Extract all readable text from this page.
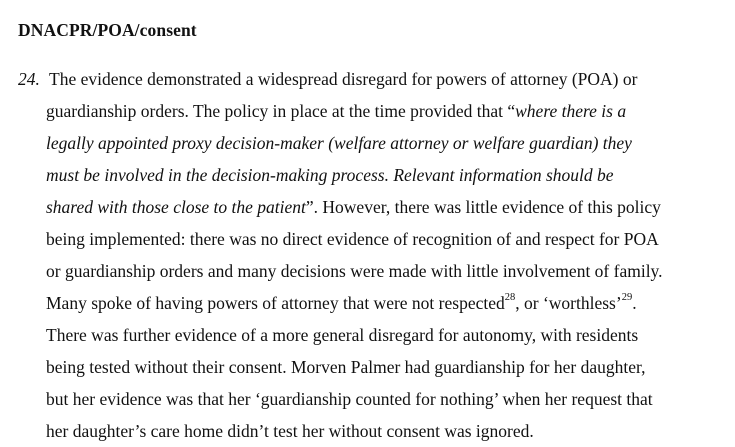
DNACPR/POA/consent
24. The evidence demonstrated a widespread disregard for powers of attorney (POA) or
guardianship orders. The policy in place at the time provided that “where there is a
legally appointed proxy decision-maker (welfare attorney or welfare guardian) they
must be involved in the decision-making process. Relevant information should be
shared with those close to the patient”. However, there was little evidence of this policy
being implemented: there was no direct evidence of recognition of and respect for POA
or guardianship orders and many decisions were made with little involvement of family.
Many spoke of having powers of attorney that were not respected$^{28}$, or ‘worthless’$^{29}$.
There was further evidence of a more general disregard for autonomy, with residents
being tested without their consent. Morven Palmer had guardianship for her daughter,
but her evidence was that her ‘guardianship counted for nothing’ when her request that
her daughter’s care home didn’t test her without consent was ignored.
